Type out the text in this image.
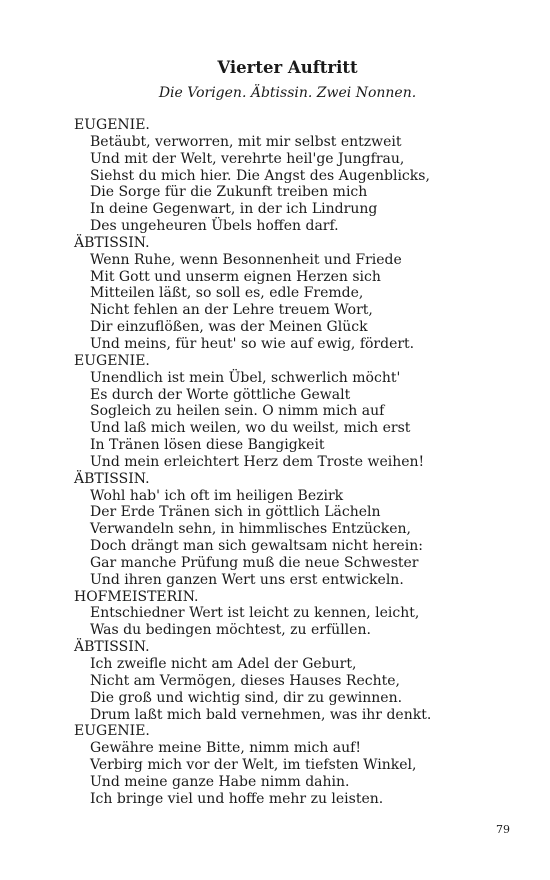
Vierter Auftritt
Die Vorigen. Äbtissin. Zwei Nonnen.
EUGENIE.
Betäubt, verworren, mit mir selbst entzweit
Und mit der Welt, verehrte heil'ge Jungfrau,
Siehst du mich hier. Die Angst des Augenblicks,
Die Sorge für die Zukunft treiben mich
In deine Gegenwart, in der ich Lindrung
Des ungeheuren Übels hoffen darf.
ÄBTISSIN.
Wenn Ruhe, wenn Besonnenheit und Friede
Mit Gott und unserm eignen Herzen sich
Mitteilen läßt, so soll es, edle Fremde,
Nicht fehlen an der Lehre treuem Wort,
Dir einzuflößen, was der Meinen Glück
Und meins, für heut' so wie auf ewig, fördert.
EUGENIE.
Unendlich ist mein Übel, schwerlich möcht'
Es durch der Worte göttliche Gewalt
Sogleich zu heilen sein. O nimm mich auf
Und laß mich weilen, wo du weilst, mich erst
In Tränen lösen diese Bangigkeit
Und mein erleichtert Herz dem Troste weihen!
ÄBTISSIN.
Wohl hab' ich oft im heiligen Bezirk
Der Erde Tränen sich in göttlich Lächeln
Verwandeln sehn, in himmlisches Entzücken,
Doch drängt man sich gewaltsam nicht herein:
Gar manche Prüfung muß die neue Schwester
Und ihren ganzen Wert uns erst entwickeln.
HOFMEISTERIN.
Entschiedner Wert ist leicht zu kennen, leicht,
Was du bedingen möchtest, zu erfüllen.
ÄBTISSIN.
Ich zweifle nicht am Adel der Geburt,
Nicht am Vermögen, dieses Hauses Rechte,
Die groß und wichtig sind, dir zu gewinnen.
Drum laßt mich bald vernehmen, was ihr denkt.
EUGENIE.
Gewähre meine Bitte, nimm mich auf!
Verbirg mich vor der Welt, im tiefsten Winkel,
Und meine ganze Habe nimm dahin.
Ich bringe viel und hoffe mehr zu leisten.
79
